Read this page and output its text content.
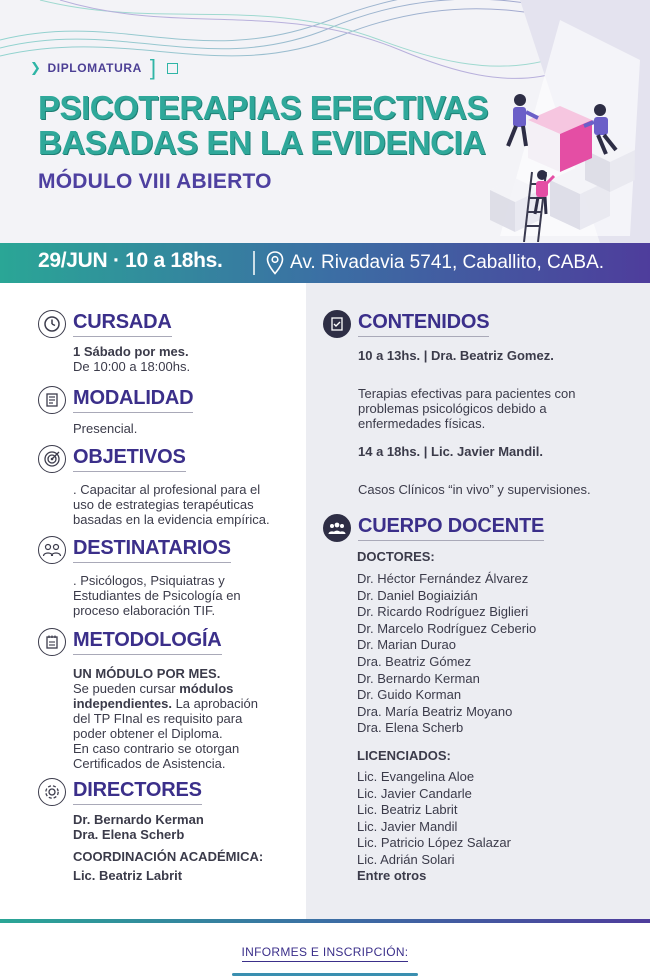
❯ DIPLOMATURA ]
PSICOTERAPIAS EFECTIVAS
BASADAS EN LA EVIDENCIA
MÓDULO VIII ABIERTO
29/JUN · 10 a 18hs.	Av. Rivadavia 5741, Caballito, CABA.
CURSADA
1 Sábado por mes.
De 10:00 a 18:00hs.
MODALIDAD
Presencial.
OBJETIVOS
. Capacitar al profesional para el
uso de estrategias terapéuticas
basadas en la evidencia empírica.
DESTINATARIOS
. Psicólogos, Psiquiatras y
Estudiantes de Psicología en
proceso elaboración TIF.
METODOLOGÍA
UN MÓDULO POR MES.
Se pueden cursar módulos
independientes. La aprobación
del TP FInal es requisito para
poder obtener el Diploma.
En caso contrario se otorgan
Certificados de Asistencia.
DIRECTORES
Dr. Bernardo Kerman
Dra. Elena Scherb
COORDINACIÓN ACADÉMICA:
Lic. Beatriz Labrit
CONTENIDOS
10 a 13hs. | Dra. Beatriz Gomez.
Terapias efectivas para pacientes con
problemas psicológicos debido a
enfermedades físicas.
14 a 18hs. | Lic. Javier Mandil.
Casos Clínicos “in vivo” y supervisiones.
CUERPO DOCENTE
DOCTORES:
LICENCIADOS:
Entre otros
Dr. Héctor Fernández Álvarez
Dr. Daniel Bogiaizián
Dr. Ricardo Rodríguez Biglieri
Dr. Marcelo Rodríguez Ceberio
Dr. Marian Durao
Dra. Beatriz Gómez
Dr. Bernardo Kerman
Dr. Guido Korman
Dra. María Beatriz Moyano
Dra. Elena Scherb
Lic. Evangelina Aloe
Lic. Javier Candarle
Lic. Beatriz Labrit
Lic. Javier Mandil
Lic. Patricio López Salazar
Lic. Adrián Solari
INFORMES E INSCRIPCIÓN:
